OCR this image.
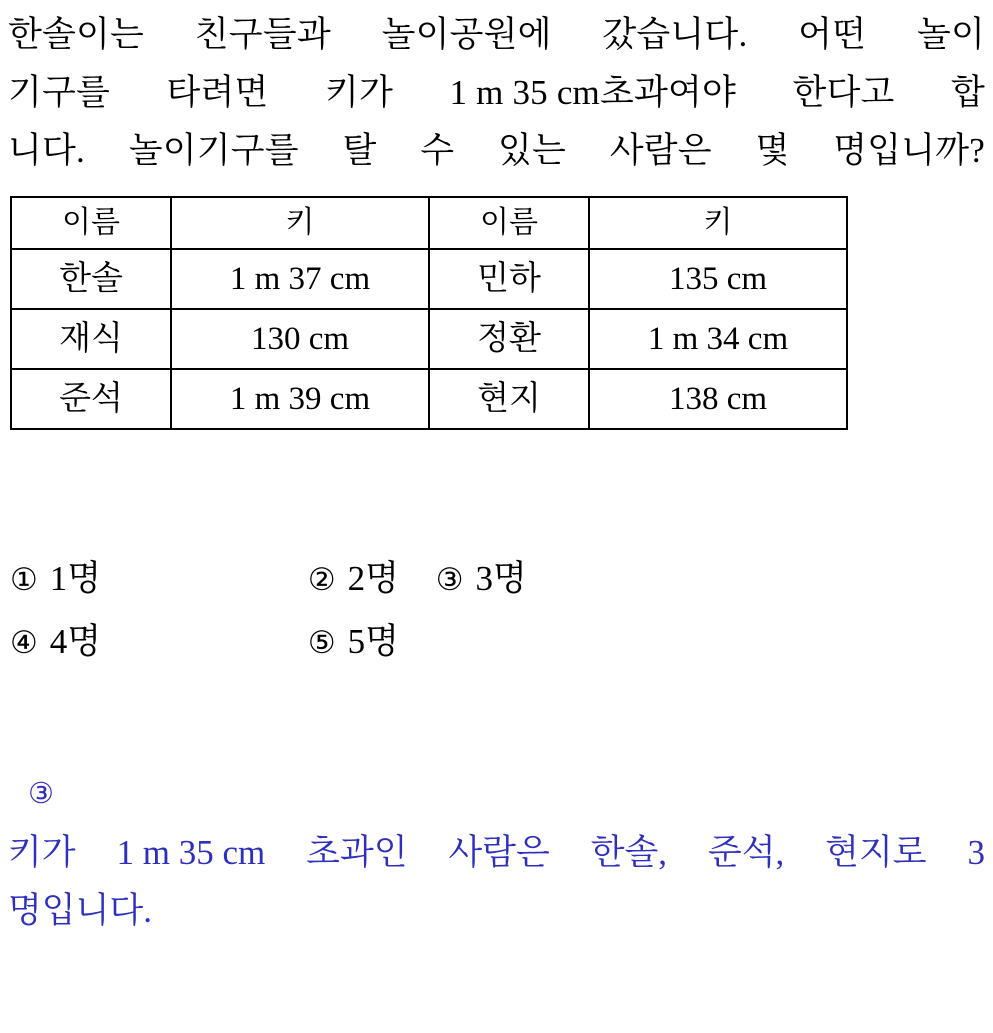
한솔이는 친구들과 놀이공원에 갔습니다. 어떤 놀이
기구를 타려면 키가 1 m 35 cm초과여야 한다고 합
니다. 놀이기구를 탈 수 있는 사람은 몇 명입니까?
이름	키	이름	키
한솔	1 m 37 cm	민하	135 cm
재식	130 cm	정환	1 m 34 cm
준석	1 m 39 cm	현지	138 cm
① 1명	② 2명 ③ 3명
④ 4명	⑤ 5명
③
키가 1 m 35 cm 초과인 사람은 한솔, 준석, 현지로 3
명입니다.
